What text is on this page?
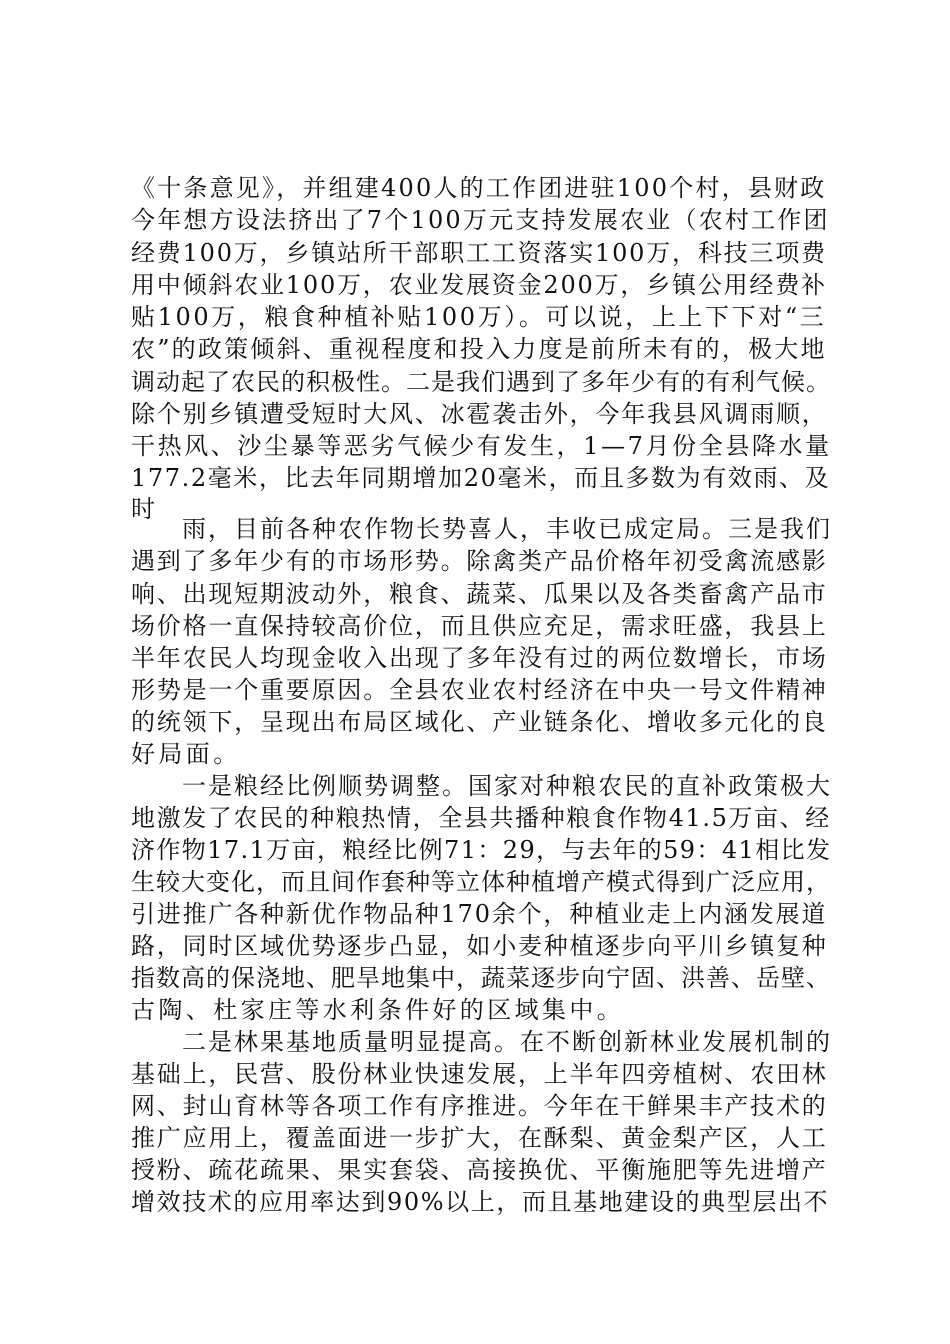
《十条意见》，并组建400人的工作团进驻100个村，县财政
今年想方设法挤出了7个100万元支持发展农业（农村工作团
经费100万，乡镇站所干部职工工资落实100万，科技三项费
用中倾斜农业100万，农业发展资金200万，乡镇公用经费补
贴100万，粮食种植补贴100万）。可以说，上上下下对“三
农”的政策倾斜、重视程度和投入力度是前所未有的，极大地
调动起了农民的积极性。二是我们遇到了多年少有的有利气候。
除个别乡镇遭受短时大风、冰雹袭击外，今年我县风调雨顺，
干热风、沙尘暴等恶劣气候少有发生，1—7月份全县降水量
177.2毫米，比去年同期增加20毫米，而且多数为有效雨、及
时
雨，目前各种农作物长势喜人，丰收已成定局。三是我们
遇到了多年少有的市场形势。除禽类产品价格年初受禽流感影
响、出现短期波动外，粮食、蔬菜、瓜果以及各类畜禽产品市
场价格一直保持较高价位，而且供应充足，需求旺盛，我县上
半年农民人均现金收入出现了多年没有过的两位数增长，市场
形势是一个重要原因。全县农业农村经济在中央一号文件精神
的统领下，呈现出布局区域化、产业链条化、增收多元化的良
好局面。
一是粮经比例顺势调整。国家对种粮农民的直补政策极大
地激发了农民的种粮热情，全县共播种粮食作物41.5万亩、经
济作物17.1万亩，粮经比例71：29，与去年的59：41相比发
生较大变化，而且间作套种等立体种植增产模式得到广泛应用，
引进推广各种新优作物品种170余个，种植业走上内涵发展道
路，同时区域优势逐步凸显，如小麦种植逐步向平川乡镇复种
指数高的保浇地、肥旱地集中，蔬菜逐步向宁固、洪善、岳壁、
古陶、杜家庄等水利条件好的区域集中。
二是林果基地质量明显提高。在不断创新林业发展机制的
基础上，民营、股份林业快速发展，上半年四旁植树、农田林
网、封山育林等各项工作有序推进。今年在干鲜果丰产技术的
推广应用上，覆盖面进一步扩大，在酥梨、黄金梨产区，人工
授粉、疏花疏果、果实套袋、高接换优、平衡施肥等先进增产
增效技术的应用率达到90%以上，而且基地建设的典型层出不
